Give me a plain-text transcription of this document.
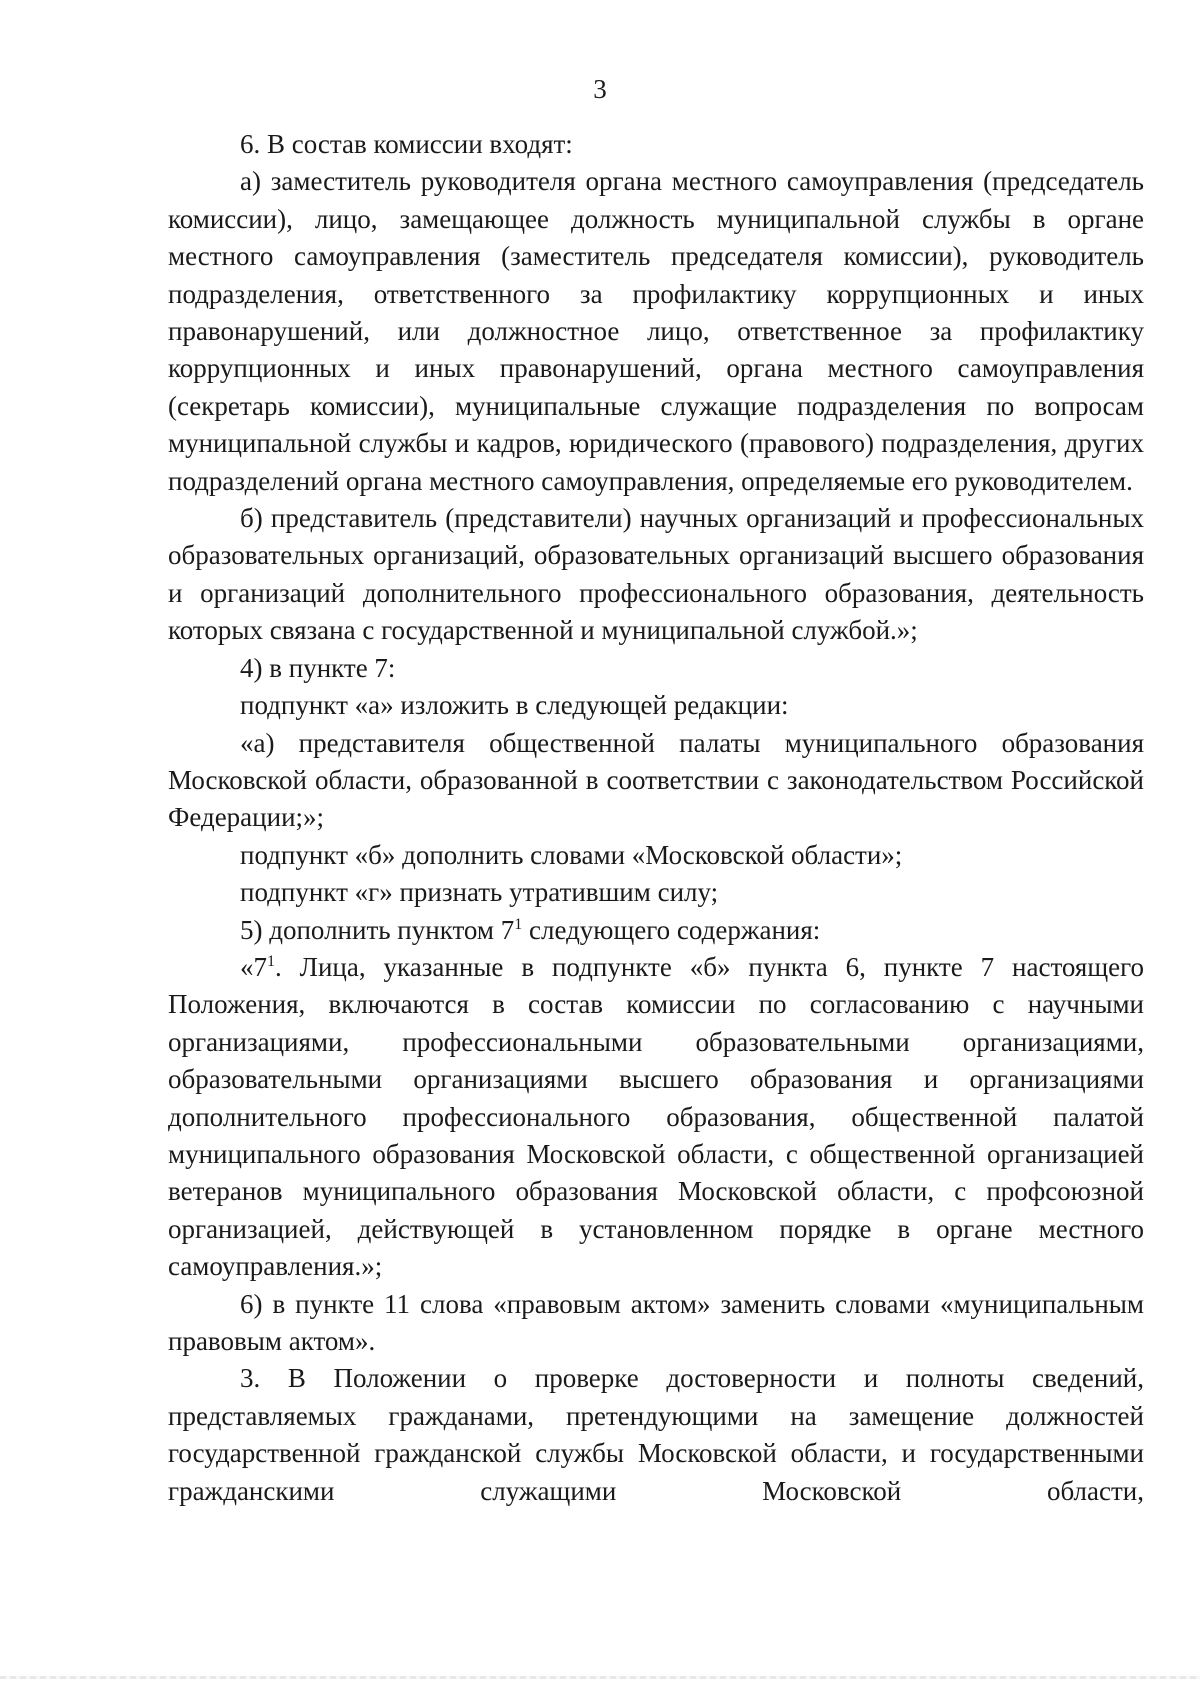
3

6. В состав комиссии входят:

а) заместитель руководителя органа местного самоуправления (председатель комиссии), лицо, замещающее должность муниципальной службы в органе местного самоуправления (заместитель председателя комиссии), руководитель подразделения, ответственного за профилактику коррупционных и иных правонарушений, или должностное лицо, ответственное за профилактику коррупционных и иных правонарушений, органа местного самоуправления (секретарь комиссии), муниципальные служащие подразделения по вопросам муниципальной службы и кадров, юридического (правового) подразделения, других подразделений органа местного самоуправления, определяемые его руководителем.

б) представитель (представители) научных организаций и профессиональных образовательных организаций, образовательных организаций высшего образования и организаций дополнительного профессионального образования, деятельность которых связана с государственной и муниципальной службой.»;

4) в пункте 7:

подпункт «а» изложить в следующей редакции:

«а) представителя общественной палаты муниципального образования Московской области, образованной в соответствии с законодательством Российской Федерации;»;

подпункт «б» дополнить словами «Московской области»;

подпункт «г» признать утратившим силу;

5) дополнить пунктом $7^1$ следующего содержания:

«$7^1$. Лица, указанные в подпункте «б» пункта 6, пункте 7 настоящего Положения, включаются в состав комиссии по согласованию с научными организациями, профессиональными образовательными организациями, образовательными организациями высшего образования и организациями дополнительного профессионального образования, общественной палатой муниципального образования Московской области, с общественной организацией ветеранов муниципального образования Московской области, с профсоюзной организацией, действующей в установленном порядке в органе местного самоуправления.»;

6) в пункте 11 слова «правовым актом» заменить словами «муниципальным правовым актом».

3. В Положении о проверке достоверности и полноты сведений, представляемых гражданами, претендующими на замещение должностей государственной гражданской службы Московской области, и государственными гражданскими служащими Московской области,
